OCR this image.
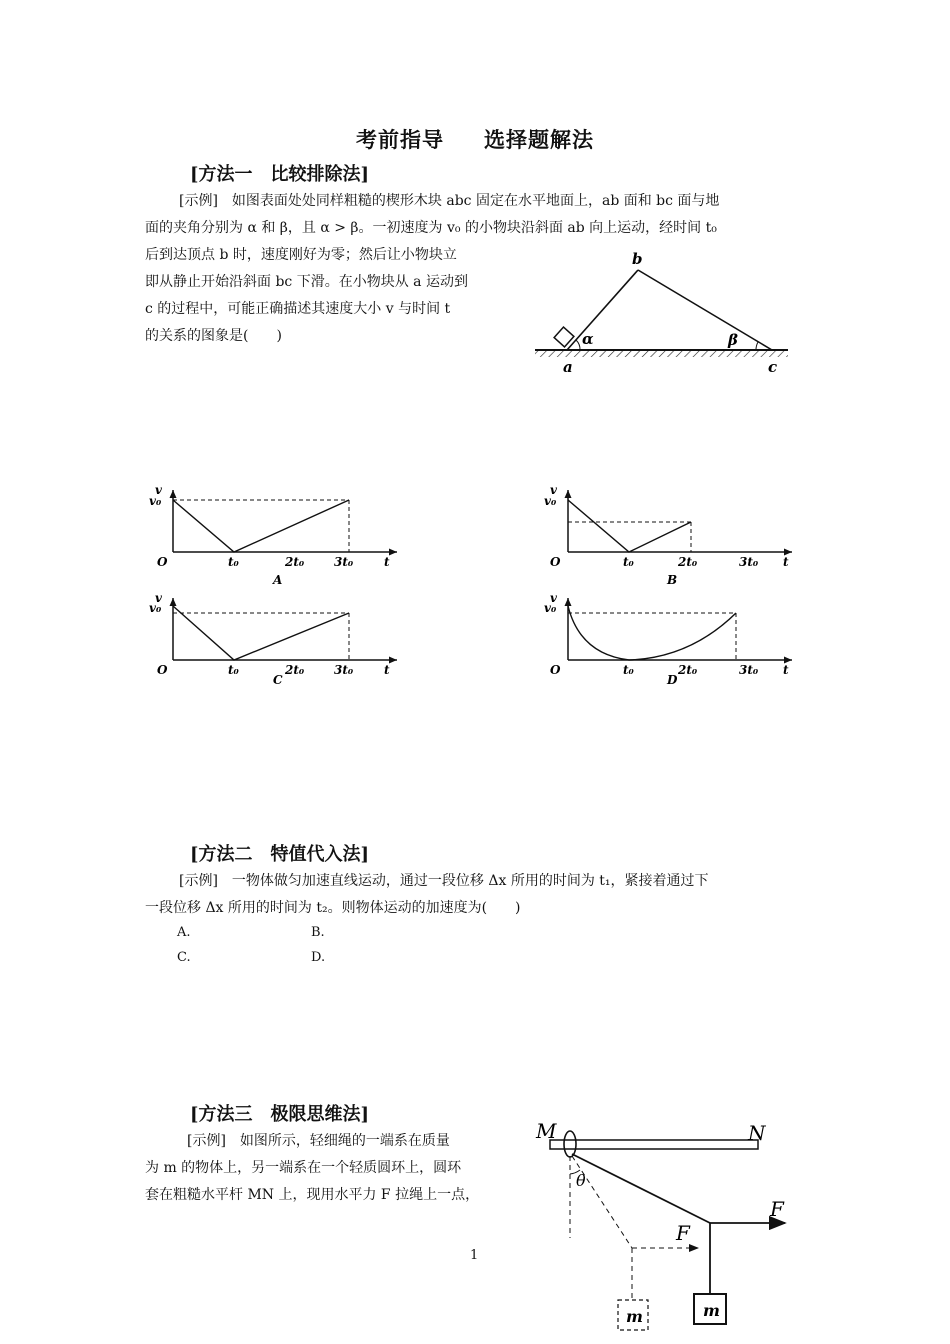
考前指导 选择题解法
[方法一　比较排除法]
[示例]　如图表面处处同样粗糙的楔形木块 abc 固定在水平地面上，ab 面和 bc 面与地
面的夹角分别为 α 和 β，且 α > β。一初速度为 v₀ 的小物块沿斜面 ab 向上运动，经时间 t₀
后到达顶点 b 时，速度刚好为零；然后让小物块立
即从静止开始沿斜面 bc 下滑。在小物块从 a 运动到
c 的过程中，可能正确描述其速度大小 v 与时间 t
的关系的图象是(　　)
b
a	c
α	β
v
v₀
O	t₀	2t₀ 3t₀	t
A
v
v₀
O	t₀	2t₀	3t₀ t
B
v
v₀
O	t₀	2t₀ 3t₀	t
C
v
v₀
O	t₀	2t₀	3t₀ t
D
[方法二　特值代入法]
[示例]　一物体做匀加速直线运动，通过一段位移 Δx 所用的时间为 t₁，紧接着通过下
一段位移 Δx 所用的时间为 t₂。则物体运动的加速度为(　　)
A.	B.
C.	D.
[方法三　极限思维法]
[示例]　如图所示，轻细绳的一端系在质量
为 m 的物体上，另一端系在一个轻质圆环上，圆环
套在粗糙水平杆 MN 上，现用水平力 F 拉绳上一点，
M	N
θ
F
F
m
m
1
